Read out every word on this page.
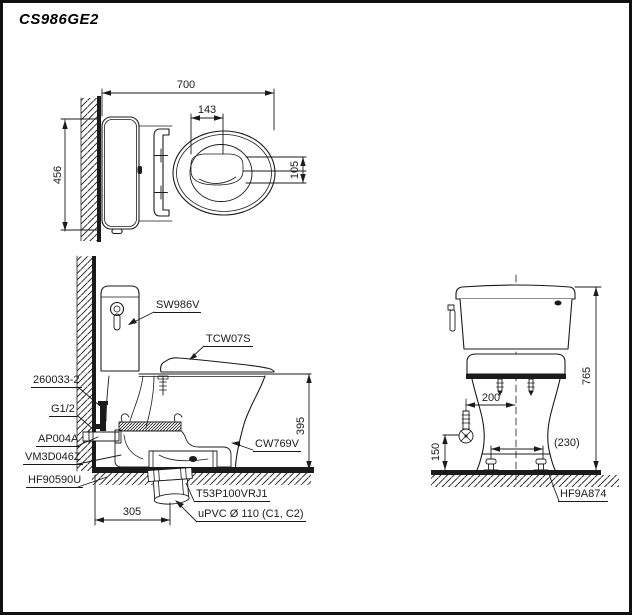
CS986GE2
700
143
105
456
SW986V
TCW07S
CW769V
260033-2
G1/2
AP004A
VM3D046Z
HF90590U
T53P100VRJ1
uPVC Ø 110 (C1, C2)
395
305
765
200
150	(230)
HF9A874
